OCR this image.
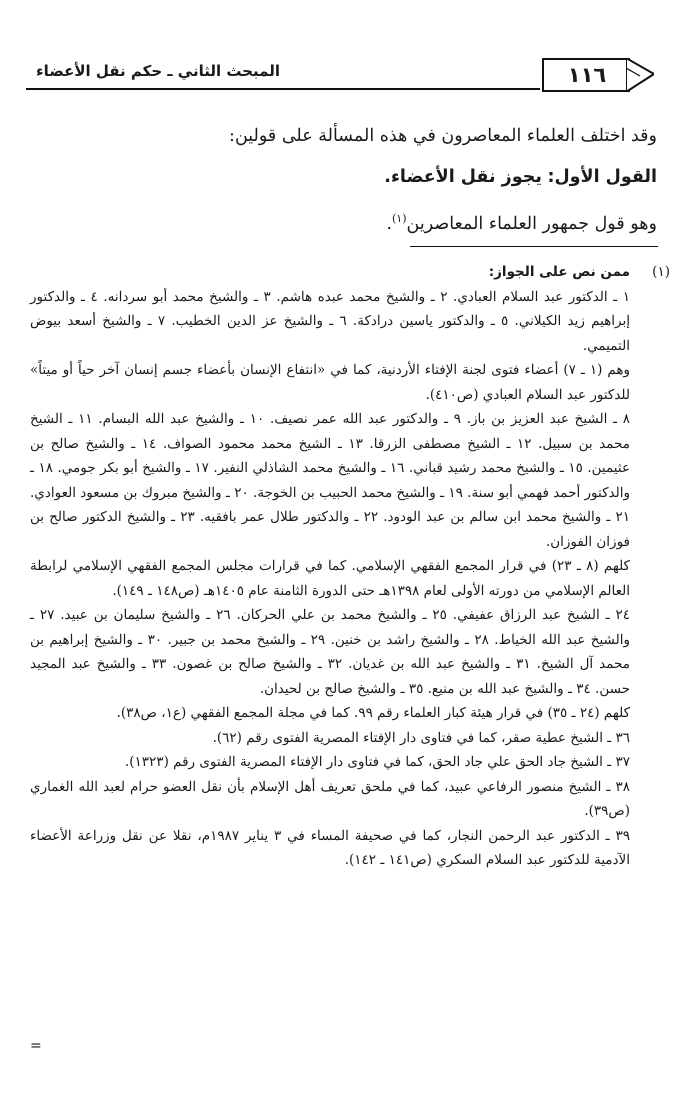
المبحث الثاني ـ حكم نقل الأعضاء	١١٦

وقد اختلف العلماء المعاصرون في هذه المسألة على قولين:

القول الأول: يجوز نقل الأعضاء.

وهو قول جمهور العلماء المعاصرين$^{(١)}$.

(١)

ممن نص على الجواز:

١ ـ الدكتور عبد السلام العبادي. ٢ ـ والشيخ محمد عبده هاشم. ٣ ـ والشيخ محمد أبو سردانه. ٤ ـ والدكتور إبراهيم زيد الكيلاني. ٥ ـ والدكتور ياسين درادكة. ٦ ـ والشيخ عز الدين الخطيب. ٧ ـ والشيخ أسعد بيوض التميمي.

وهم (١ ـ ٧) أعضاء فتوى لجنة الإفتاء الأردنية، كما في «انتفاع الإنسان بأعضاء جسم إنسان آخر حياً أو ميتاً» للدكتور عبد السلام العبادي (ص٤١٠).

٨ ـ الشيخ عبد العزيز بن باز. ٩ ـ والدكتور عبد الله عمر نصيف. ١٠ ـ والشيخ عبد الله البسام. ١١ ـ الشيخ محمد بن سبيل. ١٢ ـ الشيخ مصطفى الزرقا. ١٣ ـ الشيخ محمد محمود الصواف. ١٤ ـ والشيخ صالح بن عثيمين. ١٥ ـ والشيخ محمد رشيد قباني. ١٦ ـ والشيخ محمد الشاذلي النفير. ١٧ ـ والشيخ أبو بكر جومي. ١٨ ـ والدكتور أحمد فهمي أبو سنة. ١٩ ـ والشيخ محمد الحبيب بن الخوجة. ٢٠ ـ والشيخ مبروك بن مسعود العوادي. ٢١ ـ والشيخ محمد ابن سالم بن عبد الودود. ٢٢ ـ والدكتور طلال عمر بافقيه. ٢٣ ـ والشيخ الدكتور صالح بن فوزان الفوزان.

كلهم (٨ ـ ٢٣) في قرار المجمع الفقهي الإسلامي. كما في قرارات مجلس المجمع الفقهي الإسلامي لرابطة العالم الإسلامي من دورته الأولى لعام ١٣٩٨هـ حتى الدورة الثامنة عام ١٤٠٥هـ (ص١٤٨ ـ ١٤٩).

٢٤ ـ الشيخ عبد الرزاق عفيفي. ٢٥ ـ والشيخ محمد بن علي الحركان. ٢٦ ـ والشيخ سليمان بن عبيد. ٢٧ ـ والشيخ عبد الله الخياط. ٢٨ ـ والشيخ راشد بن خنين. ٢٩ ـ والشيخ محمد بن جبير. ٣٠ ـ والشيخ إبراهيم بن محمد آل الشيخ. ٣١ ـ والشيخ عبد الله بن غديان. ٣٢ ـ والشيخ صالح بن غصون. ٣٣ ـ والشيخ عبد المجيد حسن. ٣٤ ـ والشيخ عبد الله بن منيع. ٣٥ ـ والشيخ صالح بن لحيدان.

كلهم (٢٤ ـ ٣٥) في قرار هيئة كبار العلماء رقم ٩٩. كما في مجلة المجمع الفقهي (ع١، ص٣٨).

٣٦ ـ الشيخ عطية صقر، كما في فتاوى دار الإفتاء المصرية الفتوى رقم (٦٢).

٣٧ ـ الشيخ جاد الحق علي جاد الحق، كما في فتاوى دار الإفتاء المصرية الفتوى رقم (١٣٢٣).

٣٨ ـ الشيخ منصور الرفاعي عبيد، كما في ملحق تعريف أهل الإسلام بأن نقل العضو حرام لعبد الله الغماري (ص٣٩).

٣٩ ـ الدكتور عبد الرحمن النجار، كما في صحيفة المساء في ٣ يناير ١٩٨٧م، نقلا عن نقل وزراعة الأعضاء الآدمية للدكتور عبد السلام السكري (ص١٤١ ـ ١٤٢).

=
